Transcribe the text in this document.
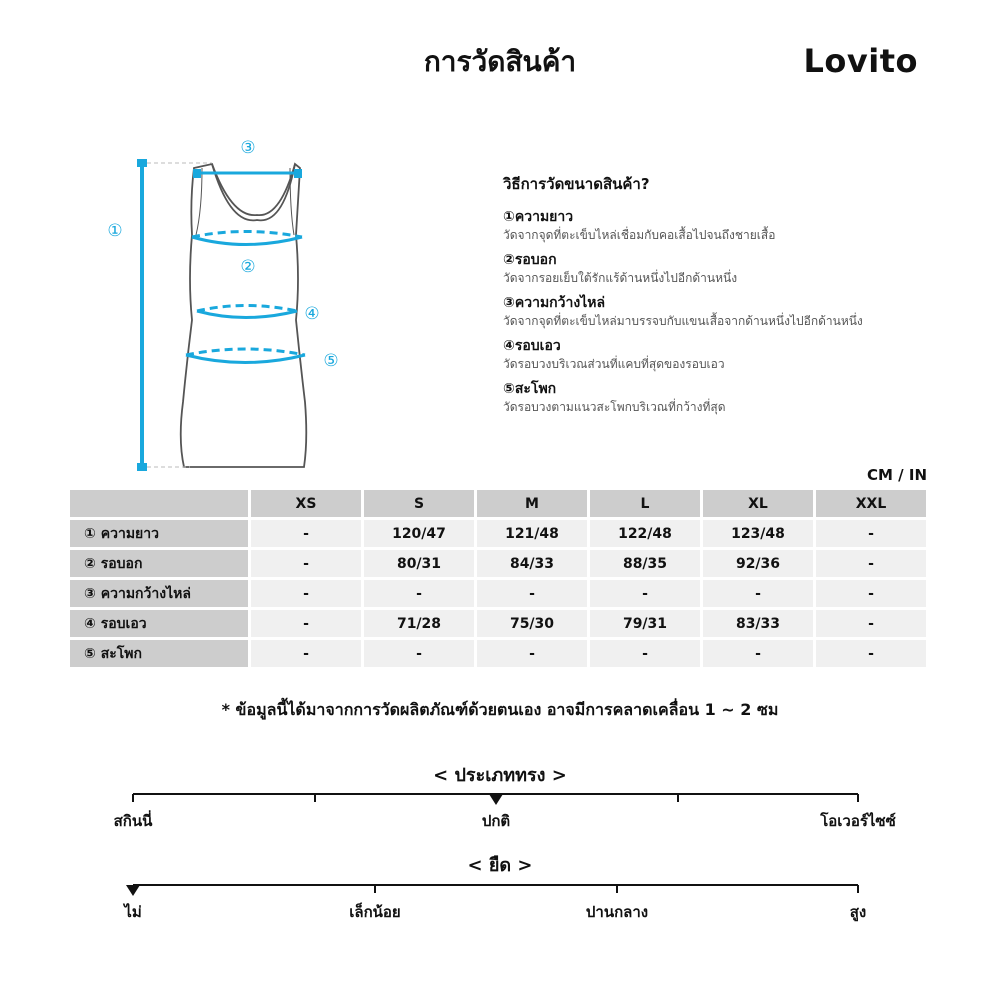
การวัดสินค้า	Lovito
①
②
③
④
⑤
วิธีการวัดขนาดสินค้า?
①ความยาว
วัดจากจุดที่ตะเข็บไหล่เชื่อมกับคอเสื้อไปจนถึงชายเสื้อ
②รอบอก
วัดจากรอยเย็บใต้รักแร้ด้านหนึ่งไปอีกด้านหนึ่ง
③ความกว้างไหล่
วัดจากจุดที่ตะเข็บไหล่มาบรรจบกับแขนเสื้อจากด้านหนึ่งไปอีกด้านหนึ่ง
④รอบเอว
วัดรอบวงบริเวณส่วนที่แคบที่สุดของรอบเอว
⑤สะโพก
วัดรอบวงตามแนวสะโพกบริเวณที่กว้างที่สุด
CM / IN
	XS	S	M	L	XL	XXL
① ความยาว	-	120/47	121/48	122/48	123/48	-
② รอบอก	-	80/31	84/33	88/35	92/36	-
③ ความกว้างไหล่	-	-	-	-	-	-
④ รอบเอว	-	71/28	75/30	79/31	83/33	-
⑤ สะโพก	-	-	-	-	-	-
* ข้อมูลนี้ได้มาจากการวัดผลิตภัณฑ์ด้วยตนเอง อาจมีการคลาดเคลื่อน 1 ~ 2 ซม
< ประเภททรง >
สกินนี่	ปกติ	โอเวอร์ไซซ์
< ยืด >
ไม่	เล็กน้อย	ปานกลาง	สูง
